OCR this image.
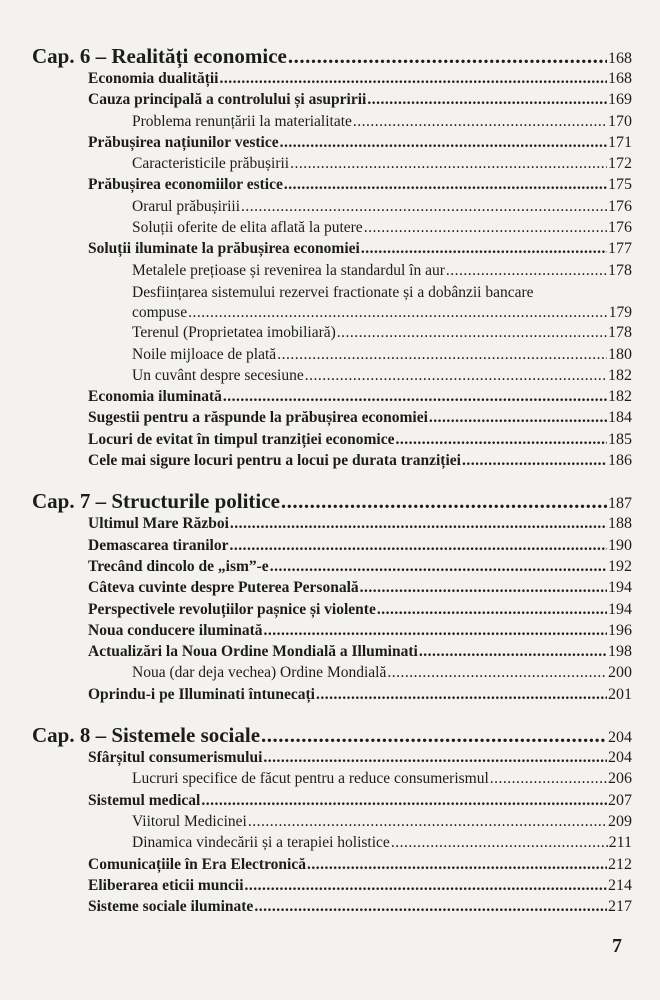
Cap. 6 – Realități economice .....	168
Economia dualității .....	168
Cauza principală a controlului și asupririi .....	169
Problema renunțării la materialitate .....	170
Prăbușirea națiunilor vestice .....	171
Caracteristicile prăbușirii .....	172
Prăbușirea economiilor estice .....	175
Orarul prăbușiriii .....	176
Soluții oferite de elita aflată la putere .....	176
Soluții iluminate la prăbușirea economiei .....	177
Metalele prețioase și revenirea la standardul în aur .....	178
Desființarea sistemului rezervei fractionate și a dobânzii bancare
compuse .....	179
Terenul (Proprietatea imobiliară) .....	178
Noile mijloace de plată .....	180
Un cuvânt despre secesiune .....	182
Economia iluminată .....	182
Sugestii pentru a răspunde la prăbușirea economiei .....	184
Locuri de evitat în timpul tranziției economice .....	185
Cele mai sigure locuri pentru a locui pe durata tranziției .....	186
Cap. 7 – Structurile politice .....	187
Ultimul Mare Război .....	188
Demascarea tiranilor .....	190
Trecând dincolo de „ism”-e .....	192
Câteva cuvinte despre Puterea Personală .....	194
Perspectivele revoluțiilor pașnice și violente .....	194
Noua conducere iluminată .....	196
Actualizări la Noua Ordine Mondială a Illuminati .....	198
Noua (dar deja vechea) Ordine Mondială .....	200
Oprindu-i pe Illuminati întunecați .....	201
Cap. 8 – Sistemele sociale .....	204
Sfârșitul consumerismului .....	204
Lucruri specifice de făcut pentru a reduce consumerismul .....	206
Sistemul medical .....	207
Viitorul Medicinei .....	209
Dinamica vindecării și a terapiei holistice .....	211
Comunicațiile în Era Electronică .....	212
Eliberarea eticii muncii .....	214
Sisteme sociale iluminate .....	217
7
